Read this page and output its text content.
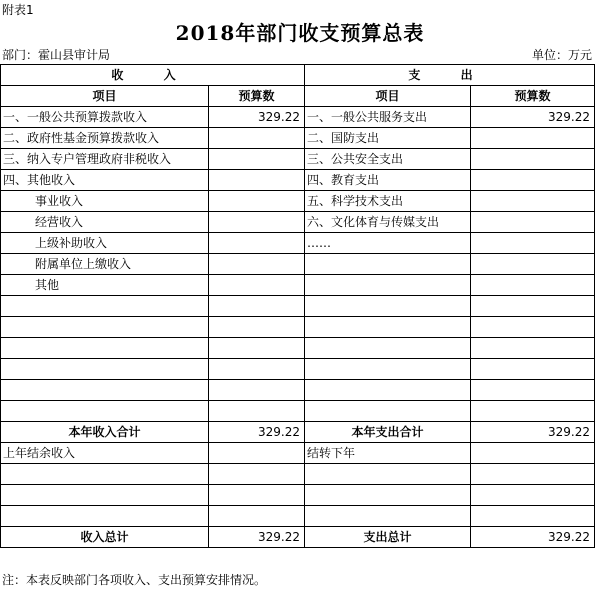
附表1
2018年部门收支预算总表
部门：霍山县审计局	单位：万元
收 入		支 出	
项目	预算数	项目	预算数
一、一般公共预算拨款收入	329.22	一、一般公共服务支出	329.22
二、政府性基金预算拨款收入		二、国防支出	
三、纳入专户管理政府非税收入		三、公共安全支出	
四、其他收入		四、教育支出	
事业收入		五、科学技术支出	
经营收入		六、文化体育与传媒支出	
上级补助收入		……	
附属单位上缴收入			
其他			

本年收入合计	329.22	本年支出合计	329.22
上年结余收入		结转下年	

收入总计	329.22	支出总计	329.22
注：本表反映部门各项收入、支出预算安排情况。
